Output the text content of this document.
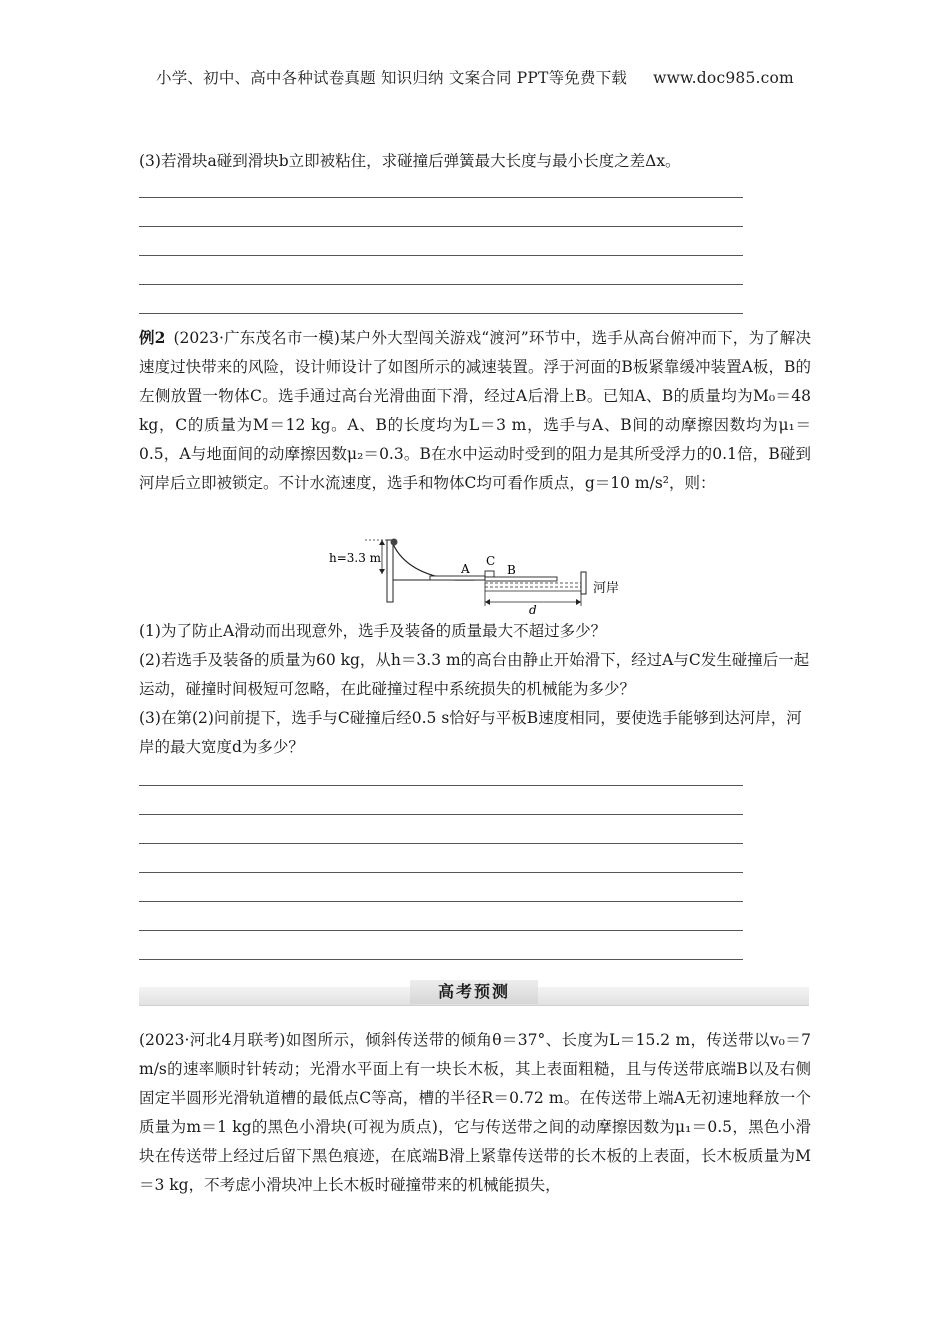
小学、初中、高中各种试卷真题 知识归纳 文案合同 PPT等免费下载 www.doc985.com
(3)若滑块a碰到滑块b立即被粘住，求碰撞后弹簧最大长度与最小长度之差Δx。
例2 (2023·广东茂名市一模)某户外大型闯关游戏“渡河”环节中，选手从高台俯冲而下，为了解决速度过快带来的风险，设计师设计了如图所示的减速装置。浮于河面的B板紧靠缓冲装置A板，B的左侧放置一物体C。选手通过高台光滑曲面下滑，经过A后滑上B。已知A、B的质量均为M₀＝48 kg，C的质量为M＝12 kg。A、B的长度均为L＝3 m，选手与A、B间的动摩擦因数均为μ₁＝0.5，A与地面间的动摩擦因数μ₂＝0.3。B在水中运动时受到的阻力是其所受浮力的0.1倍，B碰到河岸后立即被锁定。不计水流速度，选手和物体C均可看作质点，g＝10 m/s²，则：
h=3.3 m
A
C
B
河岸
d
(1)为了防止A滑动而出现意外，选手及装备的质量最大不超过多少？
(2)若选手及装备的质量为60 kg，从h＝3.3 m的高台由静止开始滑下，经过A与C发生碰撞后一起运动，碰撞时间极短可忽略，在此碰撞过程中系统损失的机械能为多少？
(3)在第(2)问前提下，选手与C碰撞后经0.5 s恰好与平板B速度相同，要使选手能够到达河岸，河岸的最大宽度d为多少？
高考预测
(2023·河北4月联考)如图所示，倾斜传送带的倾角θ＝37°、长度为L＝15.2 m，传送带以v₀＝7 m/s的速率顺时针转动；光滑水平面上有一块长木板，其上表面粗糙，且与传送带底端B以及右侧固定半圆形光滑轨道槽的最低点C等高，槽的半径R＝0.72 m。在传送带上端A无初速地释放一个质量为m＝1 kg的黑色小滑块(可视为质点)，它与传送带之间的动摩擦因数为μ₁＝0.5，黑色小滑块在传送带上经过后留下黑色痕迹，在底端B滑上紧靠传送带的长木板的上表面，长木板质量为M＝3 kg，不考虑小滑块冲上长木板时碰撞带来的机械能损失，
